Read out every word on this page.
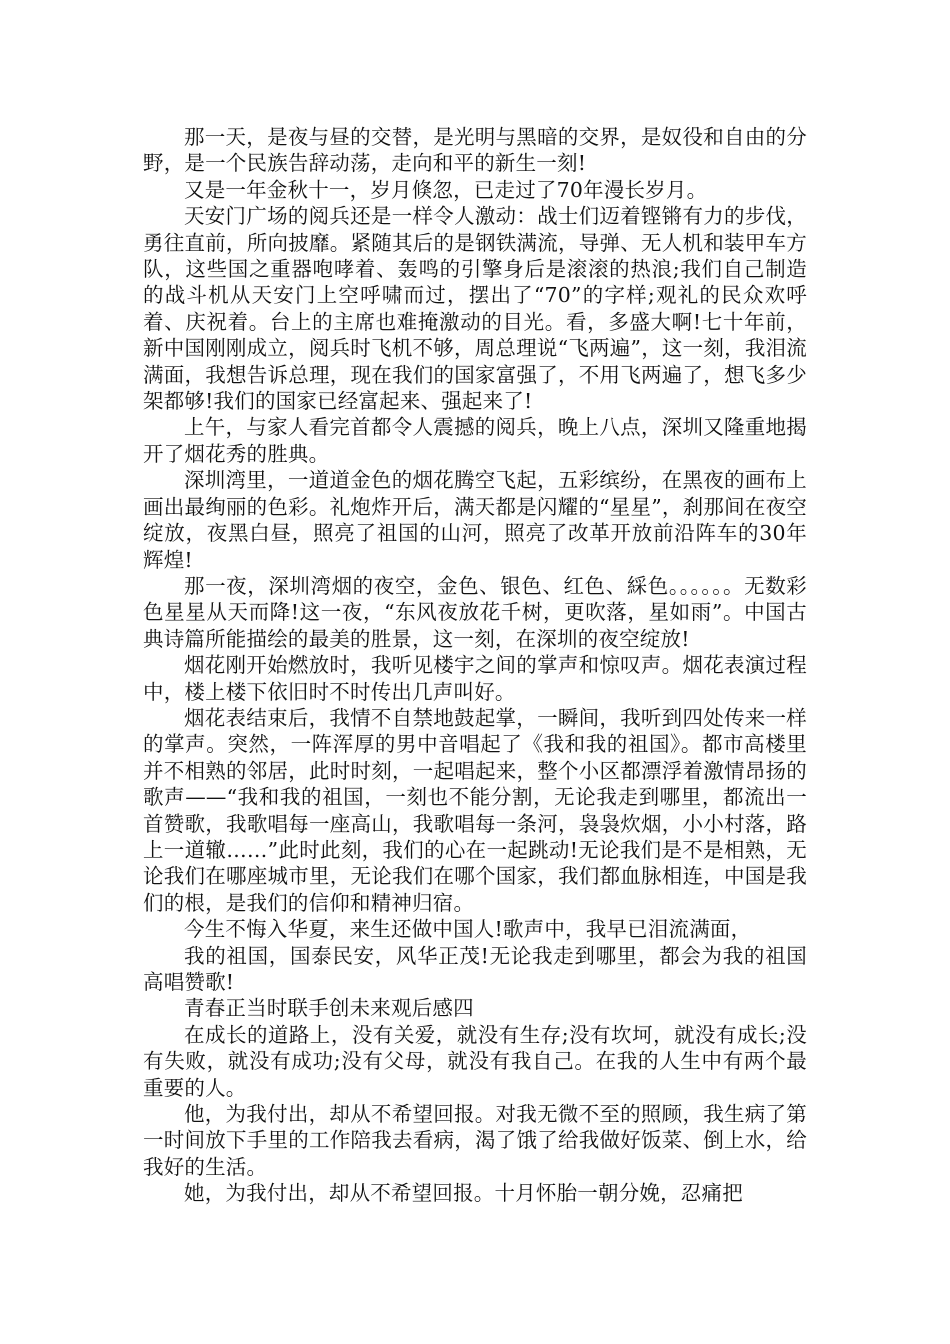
那一天，是夜与昼的交替，是光明与黑暗的交界，是奴役和自由的分野，是一个民族告辞动荡，走向和平的新生一刻!

又是一年金秋十一，岁月倏忽，已走过了70年漫长岁月。

天安门广场的阅兵还是一样令人激动：战士们迈着铿锵有力的步伐，勇往直前，所向披靡。紧随其后的是钢铁满流，导弹、无人机和装甲车方队，这些国之重器咆哮着、轰鸣的引擎身后是滚滚的热浪;我们自己制造的战斗机从天安门上空呼啸而过，摆出了“70”的字样;观礼的民众欢呼着、庆祝着。台上的主席也难掩激动的目光。看，多盛大啊!七十年前，新中国刚刚成立，阅兵时飞机不够，周总理说“飞两遍”，这一刻，我泪流满面，我想告诉总理，现在我们的国家富强了，不用飞两遍了，想飞多少架都够!我们的国家已经富起来、强起来了!

上午，与家人看完首都令人震撼的阅兵，晚上八点，深圳又隆重地揭开了烟花秀的胜典。

深圳湾里，一道道金色的烟花腾空飞起，五彩缤纷，在黑夜的画布上画出最绚丽的色彩。礼炮炸开后，满天都是闪耀的“星星”，刹那间在夜空绽放，夜黑白昼，照亮了祖国的山河，照亮了改革开放前沿阵车的30年辉煌!

那一夜，深圳湾烟的夜空，金色、银色、红色、綵色。。。。。。无数彩色星星从天而降!这一夜，“东风夜放花千树，更吹落，星如雨”。中国古典诗篇所能描绘的最美的胜景，这一刻，在深圳的夜空绽放!

烟花刚开始燃放时，我听见楼宇之间的掌声和惊叹声。烟花表演过程中，楼上楼下依旧时不时传出几声叫好。

烟花表结束后，我情不自禁地鼓起掌，一瞬间，我听到四处传来一样的掌声。突然，一阵浑厚的男中音唱起了《我和我的祖国》。都市高楼里并不相熟的邻居，此时时刻，一起唱起来，整个小区都漂浮着激情昂扬的歌声——“我和我的祖国，一刻也不能分割，无论我走到哪里，都流出一首赞歌，我歌唱每一座高山，我歌唱每一条河，袅袅炊烟，小小村落，路上一道辙……”此时此刻，我们的心在一起跳动!无论我们是不是相熟，无论我们在哪座城市里，无论我们在哪个国家，我们都血脉相连，中国是我们的根，是我们的信仰和精神归宿。

今生不悔入华夏，来生还做中国人!歌声中，我早已泪流满面，

我的祖国，国泰民安，风华正茂!无论我走到哪里，都会为我的祖国高唱赞歌!

青春正当时联手创未来观后感四

在成长的道路上，没有关爱，就没有生存;没有坎坷，就没有成长;没有失败，就没有成功;没有父母，就没有我自己。在我的人生中有两个最重要的人。

他，为我付出，却从不希望回报。对我无微不至的照顾，我生病了第一时间放下手里的工作陪我去看病，渴了饿了给我做好饭菜、倒上水，给我好的生活。

她，为我付出，却从不希望回报。十月怀胎一朝分娩，忍痛把
